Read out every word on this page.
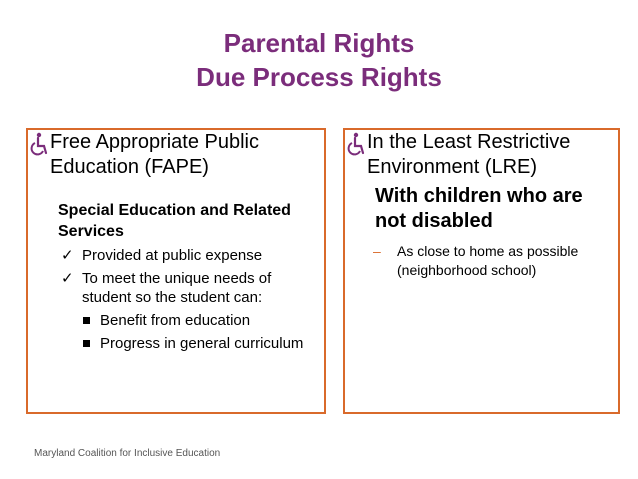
Parental Rights
Due Process Rights
Free Appropriate Public Education (FAPE)
Special Education and Related Services
✓ Provided at public expense
✓ To meet the unique needs of student so the student can:
Benefit from education
Progress in general curriculum
In the Least Restrictive Environment (LRE)
With children who are not disabled
–	As close to home as possible (neighborhood school)
Maryland Coalition for Inclusive Education
